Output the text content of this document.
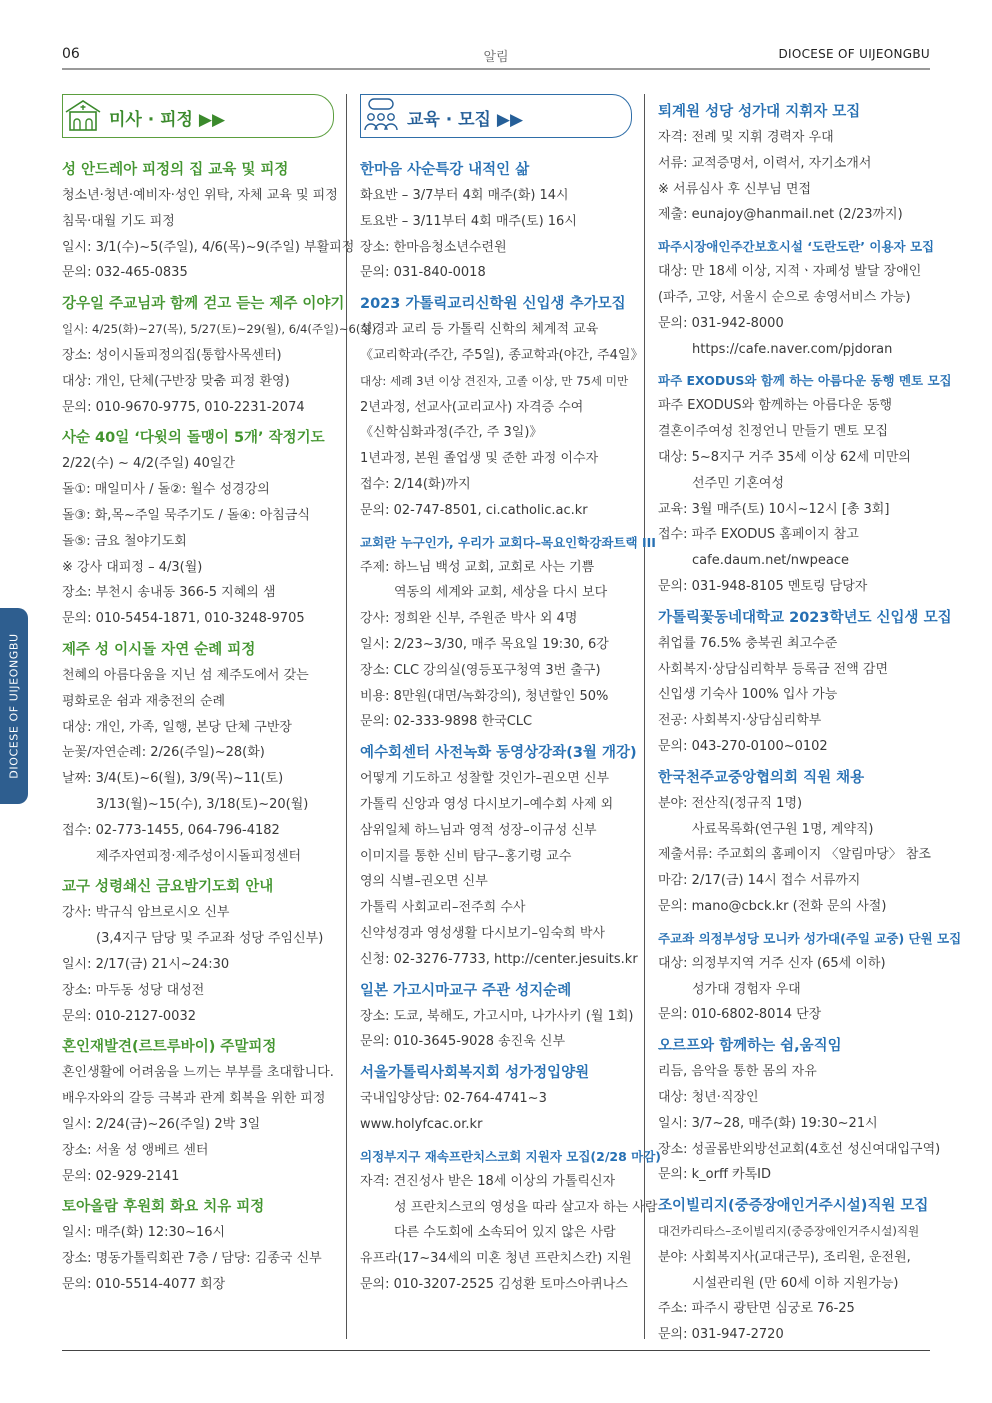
06	알림	DIOCESE OF UIJEONGBU
DIOCESE OF UIJEONGBU
미사 · 피정 ▶▶
성 안드레아 피정의 집 교육 및 피정
청소년·청년·예비자·성인 위탁, 자체 교육 및 피정
침묵·대월 기도 피정
일시: 3/1(수)~5(주일), 4/6(목)~9(주일) 부활피정
문의: 032-465-0835
강우일 주교님과 함께 걷고 듣는 제주 이야기
일시: 4/25(화)~27(목), 5/27(토)~29(월), 6/4(주일)~6(화)
장소: 성이시돌피정의집(통합사목센터)
대상: 개인, 단체(구반장 맞춤 피정 환영)
문의: 010-9670-9775, 010-2231-2074
사순 40일 ‘다윗의 돌맹이 5개’ 작정기도
2/22(수) ~ 4/2(주일) 40일간
돌①: 매일미사 / 돌②: 월수 성경강의
돌③: 화,목~주일 묵주기도 / 돌④: 아침금식
돌⑤: 금요 철야기도회
※ 강사 대피정 – 4/3(월)
장소: 부천시 송내동 366-5 지혜의 샘
문의: 010-5454-1871, 010-3248-9705
제주 성 이시돌 자연 순례 피정
천혜의 아름다움을 지닌 섬 제주도에서 갖는
평화로운 쉼과 재충전의 순례
대상: 개인, 가족, 일행, 본당 단체 구반장
눈꽃/자연순례: 2/26(주일)~28(화)
날짜: 3/4(토)~6(월), 3/9(목)~11(토)
3/13(월)~15(수), 3/18(토)~20(월)
접수: 02-773-1455, 064-796-4182
제주자연피정·제주성이시돌피정센터
교구 성령쇄신 금요밤기도회 안내
강사: 박규식 암브로시오 신부
(3,4지구 담당 및 주교좌 성당 주임신부)
일시: 2/17(금) 21시~24:30
장소: 마두동 성당 대성전
문의: 010-2127-0032
혼인재발견(르트루바이) 주말피정
혼인생활에 어려움을 느끼는 부부를 초대합니다.
배우자와의 갈등 극복과 관계 회복을 위한 피정
일시: 2/24(금)~26(주일) 2박 3일
장소: 서울 성 앵베르 센터
문의: 02-929-2141
토아올람 후원회 화요 치유 피정
일시: 매주(화) 12:30~16시
장소: 명동가톨릭회관 7층 / 담당: 김종국 신부
문의: 010-5514-4077 회장
교육 · 모집 ▶▶
한마음 사순특강 내적인 삶
화요반 – 3/7부터 4회 매주(화) 14시
토요반 – 3/11부터 4회 매주(토) 16시
장소: 한마음청소년수련원
문의: 031-840-0018
2023 가톨릭교리신학원 신입생 추가모집
성경과 교리 등 가톨릭 신학의 체계적 교육
《교리학과(주간, 주5일), 종교학과(야간, 주4일》
대상: 세례 3년 이상 견진자, 고졸 이상, 만 75세 미만
2년과정, 선교사(교리교사) 자격증 수여
《신학심화과정(주간, 주 3일)》
1년과정, 본원 졸업생 및 준한 과정 이수자
접수: 2/14(화)까지
문의: 02-747-8501, ci.catholic.ac.kr
교회란 누구인가, 우리가 교회다–목요인학강좌트랙 III
주제: 하느님 백성 교회, 교회로 사는 기쁨
역동의 세계와 교회, 세상을 다시 보다
강사: 정희완 신부, 주원준 박사 외 4명
일시: 2/23~3/30, 매주 목요일 19:30, 6강
장소: CLC 강의실(영등포구청역 3번 출구)
비용: 8만원(대면/녹화강의), 청년할인 50%
문의: 02-333-9898 한국CLC
예수회센터 사전녹화 동영상강좌(3월 개강)
어떻게 기도하고 성찰할 것인가–권오면 신부
가톨릭 신앙과 영성 다시보기–예수회 사제 외
삼위일체 하느님과 영적 성장–이규성 신부
이미지를 통한 신비 탐구–홍기령 교수
영의 식별–권오면 신부
가톨릭 사회교리–전주희 수사
신약성경과 영성생활 다시보기–임숙희 박사
신청: 02-3276-7733, http://center.jesuits.kr
일본 가고시마교구 주관 성지순례
장소: 도쿄, 북해도, 가고시마, 나가사키 (월 1회)
문의: 010-3645-9028 송진욱 신부
서울가톨릭사회복지회 성가정입양원
국내입양상담: 02-764-4741~3
www.holyfcac.or.kr
의정부지구 재속프란치스코회 지원자 모집(2/28 마감)
자격: 견진성사 받은 18세 이상의 가톨릭신자
성 프란치스코의 영성을 따라 살고자 하는 사람
다른 수도회에 소속되어 있지 않은 사람
유프라(17~34세의 미혼 청년 프란치스칸) 지원
문의: 010-3207-2525 김성환 토마스아퀴나스
퇴계원 성당 성가대 지휘자 모집
자격: 전례 및 지휘 경력자 우대
서류: 교적증명서, 이력서, 자기소개서
※ 서류심사 후 신부님 면접
제출: eunajoy@hanmail.net (2/23까지)
파주시장애인주간보호시설 ‘도란도란’ 이용자 모집
대상: 만 18세 이상, 지적ㆍ자폐성 발달 장애인
(파주, 고양, 서울시 순으로 송영서비스 가능)
문의: 031-942-8000
https://cafe.naver.com/pjdoran
파주 EXODUS와 함께 하는 아름다운 동행 멘토 모집
파주 EXODUS와 함께하는 아름다운 동행
결혼이주여성 친정언니 만들기 멘토 모집
대상: 5~8지구 거주 35세 이상 62세 미만의
선주민 기혼여성
교육: 3월 매주(토) 10시~12시 [총 3회]
접수: 파주 EXODUS 홈페이지 참고
cafe.daum.net/nwpeace
문의: 031-948-8105 멘토링 담당자
가톨릭꽃동네대학교 2023학년도 신입생 모집
취업률 76.5% 충북권 최고수준
사회복지·상담심리학부 등록금 전액 감면
신입생 기숙사 100% 입사 가능
전공: 사회복지·상담심리학부
문의: 043-270-0100~0102
한국천주교중앙협의회 직원 채용
분야: 전산직(정규직 1명)
사료목록화(연구원 1명, 계약직)
제출서류: 주교회의 홈페이지 〈알림마당〉 참조
마감: 2/17(금) 14시 접수 서류까지
문의: mano@cbck.kr (전화 문의 사절)
주교좌 의정부성당 모니카 성가대(주일 교중) 단원 모집
대상: 의정부지역 거주 신자 (65세 이하)
성가대 경험자 우대
문의: 010-6802-8014 단장
오르프와 함께하는 쉼,움직임
리듬, 음악을 통한 몸의 자유
대상: 청년·직장인
일시: 3/7~28, 매주(화) 19:30~21시
장소: 성골롬반외방선교회(4호선 성신여대입구역)
문의: k_orff 카톡ID
조이빌리지(중증장애인거주시설)직원 모집
대건카리타스–조이빌리지(중증장애인거주시설)직원
분야: 사회복지사(교대근무), 조리원, 운전원,
시설관리원 (만 60세 이하 지원가능)
주소: 파주시 광탄면 심궁로 76-25
문의: 031-947-2720
